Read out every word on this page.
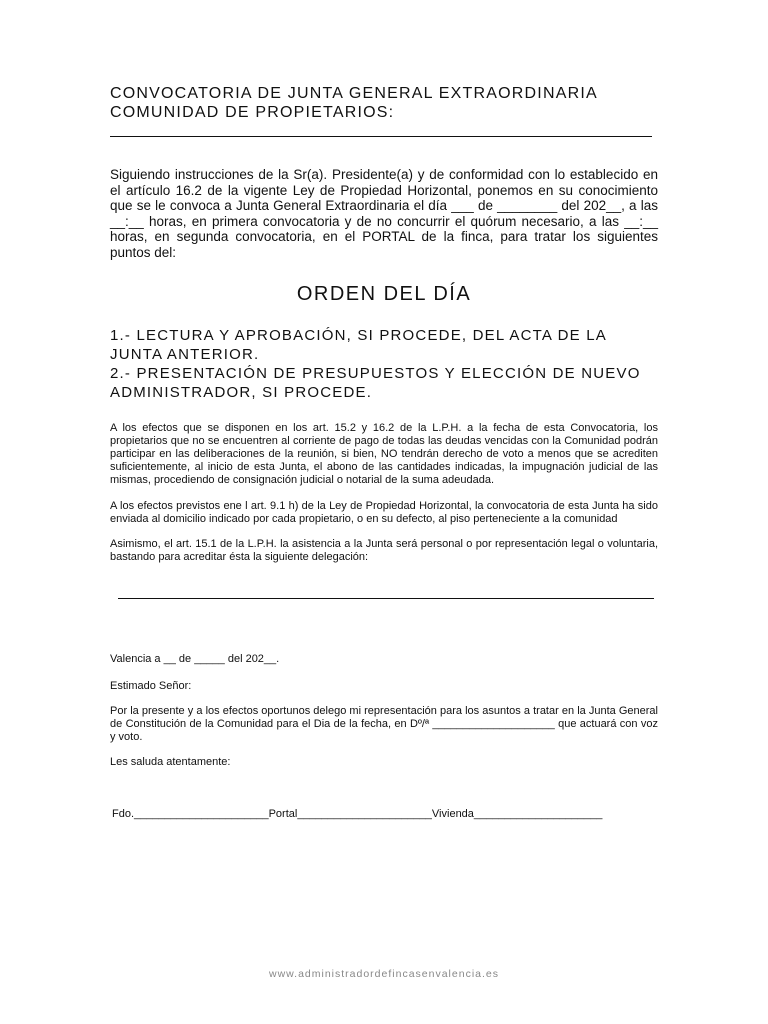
CONVOCATORIA DE JUNTA GENERAL EXTRAORDINARIA
COMUNIDAD DE PROPIETARIOS:

Siguiendo instrucciones de la Sr(a). Presidente(a) y de conformidad con lo establecido en el artículo 16.2 de la vigente Ley de Propiedad Horizontal, ponemos en su conocimiento que se le convoca a Junta General Extraordinaria el día ___ de ________ del 202__, a las __:__ horas, en primera convocatoria y de no concurrir el quórum necesario, a las __:__ horas, en segunda convocatoria, en el PORTAL de la finca, para tratar los siguientes puntos del:

ORDEN DEL DÍA
1.- LECTURA Y APROBACIÓN, SI PROCEDE, DEL ACTA DE LA JUNTA ANTERIOR.
2.- PRESENTACIÓN DE PRESUPUESTOS Y ELECCIÓN DE NUEVO ADMINISTRADOR, SI PROCEDE.
A los efectos que se disponen en los art. 15.2 y 16.2 de la L.P.H. a la fecha de esta Convocatoria, los propietarios que no se encuentren al corriente de pago de todas las deudas vencidas con la Comunidad podrán participar en las deliberaciones de la reunión, si bien, NO tendrán derecho de voto a menos que se acrediten suficientemente, al inicio de esta Junta, el abono de las cantidades indicadas, la impugnación judicial de las mismas, procediendo de consignación judicial o notarial de la suma adeudada.
A los efectos previstos ene l art. 9.1 h) de la Ley de Propiedad Horizontal, la convocatoria de esta Junta ha sido enviada al domicilio indicado por cada propietario, o en su defecto, al piso perteneciente a la comunidad
Asimismo, el art. 15.1 de la L.P.H. la asistencia a la Junta será personal o por representación legal o voluntaria, bastando para acreditar ésta la siguiente delegación:
Valencia a __ de _____ del 202__.
Estimado Señor:
Por la presente y a los efectos oportunos delego mi representación para los asuntos a tratar en la Junta General de Constitución de la Comunidad para el Dia de la fecha, en Dº/ª ____________________ que actuará con voz y voto.
Les saluda atentamente:
Fdo.______________________Portal______________________Vivienda_____________________
www.administradordefincasenvalencia.es
